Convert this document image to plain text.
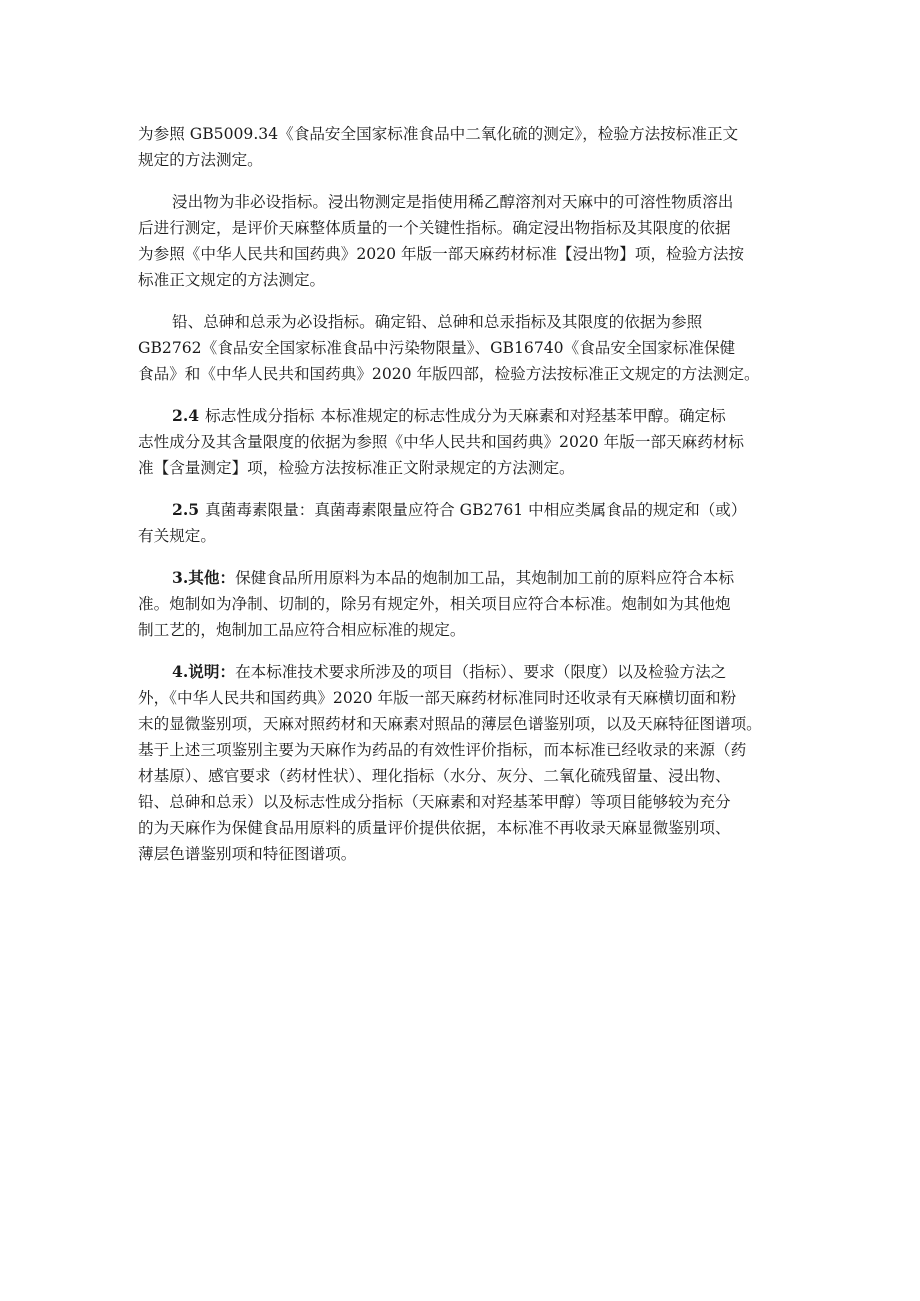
为参照 GB5009.34《食品安全国家标准食品中二氧化硫的测定》，检验方法按标准正文
规定的方法测定。

浸出物为非必设指标。浸出物测定是指使用稀乙醇溶剂对天麻中的可溶性物质溶出
后进行测定，是评价天麻整体质量的一个关键性指标。确定浸出物指标及其限度的依据
为参照《中华人民共和国药典》2020 年版一部天麻药材标准【浸出物】项，检验方法按
标准正文规定的方法测定。

铅、总砷和总汞为必设指标。确定铅、总砷和总汞指标及其限度的依据为参照
GB2762《食品安全国家标准食品中污染物限量》、GB16740《食品安全国家标准保健
食品》和《中华人民共和国药典》2020 年版四部，检验方法按标准正文规定的方法测定。

2.4 标志性成分指标 本标准规定的标志性成分为天麻素和对羟基苯甲醇。确定标
志性成分及其含量限度的依据为参照《中华人民共和国药典》2020 年版一部天麻药材标
准【含量测定】项，检验方法按标准正文附录规定的方法测定。

2.5 真菌毒素限量：真菌毒素限量应符合 GB2761 中相应类属食品的规定和（或）
有关规定。

3.其他：保健食品所用原料为本品的炮制加工品，其炮制加工前的原料应符合本标
准。炮制如为净制、切制的，除另有规定外，相关项目应符合本标准。炮制如为其他炮
制工艺的，炮制加工品应符合相应标准的规定。

4.说明：在本标准技术要求所涉及的项目（指标）、要求（限度）以及检验方法之
外，《中华人民共和国药典》2020 年版一部天麻药材标准同时还收录有天麻横切面和粉
末的显微鉴别项，天麻对照药材和天麻素对照品的薄层色谱鉴别项，以及天麻特征图谱项。
基于上述三项鉴别主要为天麻作为药品的有效性评价指标，而本标准已经收录的来源（药
材基原）、感官要求（药材性状）、理化指标（水分、灰分、二氧化硫残留量、浸出物、
铅、总砷和总汞）以及标志性成分指标（天麻素和对羟基苯甲醇）等项目能够较为充分
的为天麻作为保健食品用原料的质量评价提供依据，本标准不再收录天麻显微鉴别项、
薄层色谱鉴别项和特征图谱项。
